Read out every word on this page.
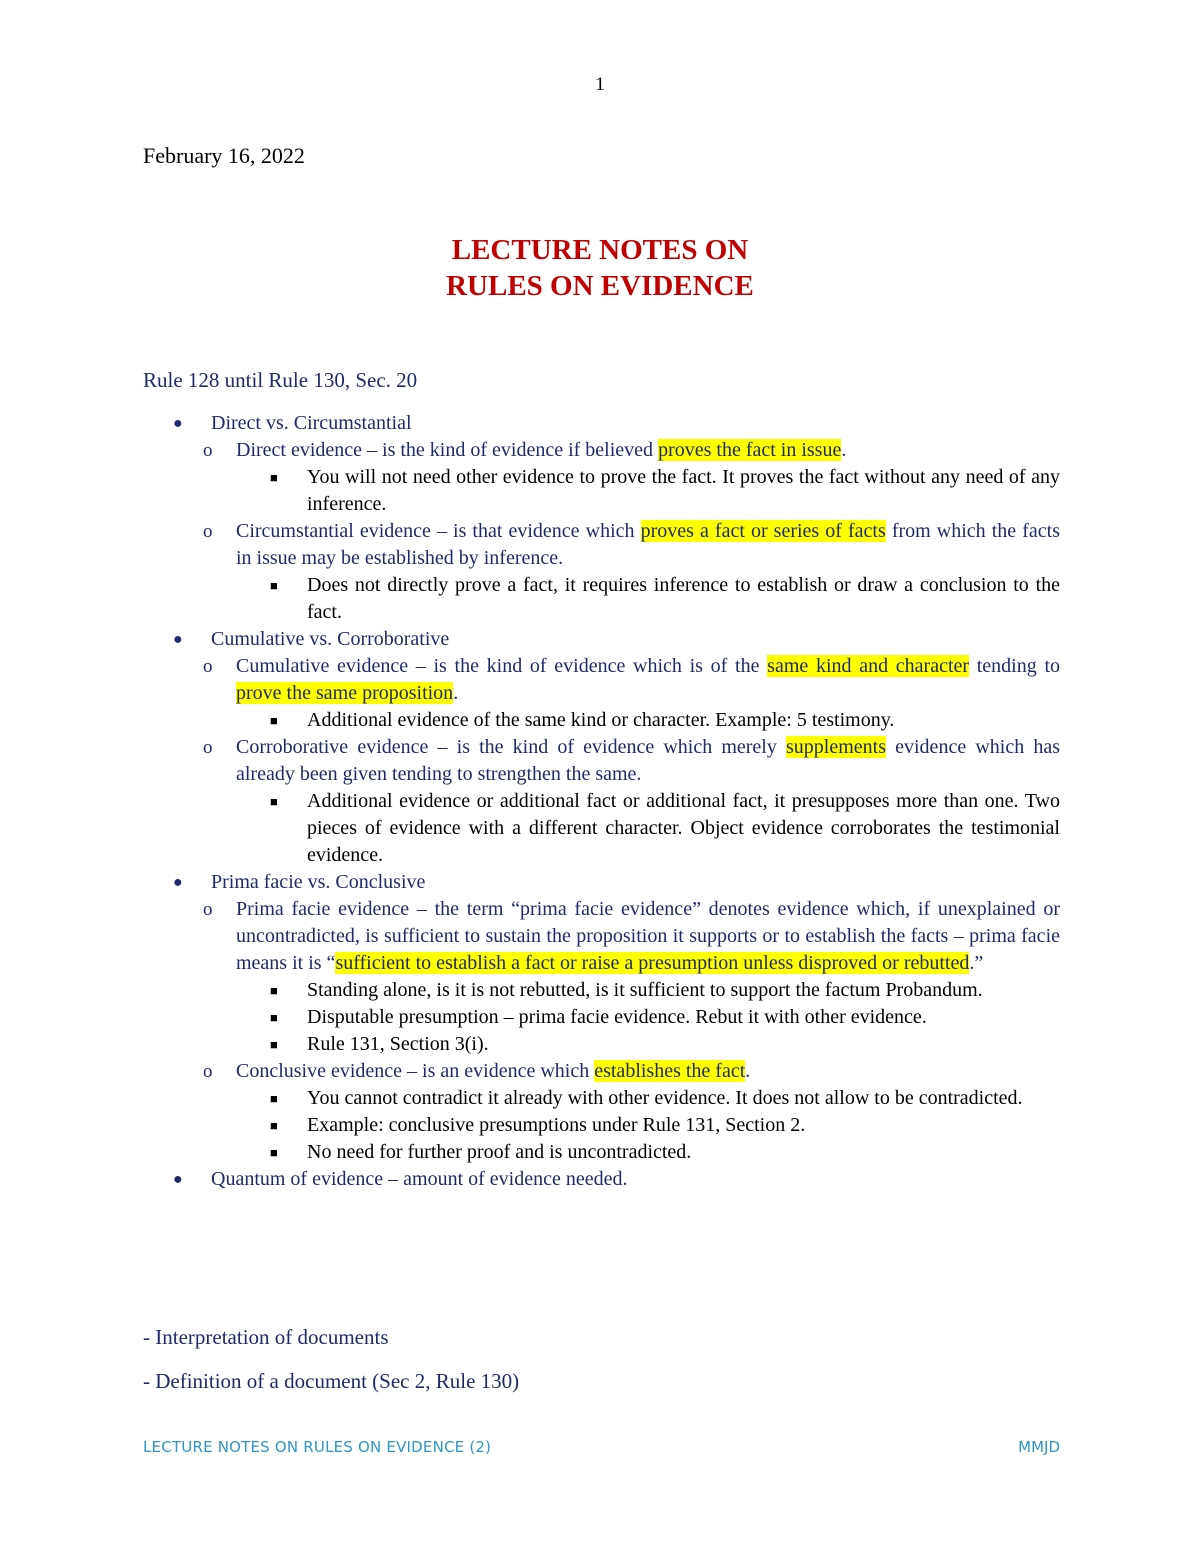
1
February 16, 2022
LECTURE NOTES ON
RULES ON EVIDENCE
Rule 128 until Rule 130, Sec. 20
● Direct vs. Circumstantial
o Direct evidence – is the kind of evidence if believed proves the fact in issue.
■ You will not need other evidence to prove the fact. It proves the fact without any need of any inference.
o Circumstantial evidence – is that evidence which proves a fact or series of facts from which the facts in issue may be established by inference.
■ Does not directly prove a fact, it requires inference to establish or draw a conclusion to the fact.
● Cumulative vs. Corroborative
o Cumulative evidence – is the kind of evidence which is of the same kind and character tending to prove the same proposition.
■ Additional evidence of the same kind or character. Example: 5 testimony.
o Corroborative evidence – is the kind of evidence which merely supplements evidence which has already been given tending to strengthen the same.
■ Additional evidence or additional fact or additional fact, it presupposes more than one. Two pieces of evidence with a different character. Object evidence corroborates the testimonial evidence.
● Prima facie vs. Conclusive
o Prima facie evidence – the term “prima facie evidence” denotes evidence which, if unexplained or uncontradicted, is sufficient to sustain the proposition it supports or to establish the facts – prima facie means it is “sufficient to establish a fact or raise a presumption unless disproved or rebutted.”
■ Standing alone, is it is not rebutted, is it sufficient to support the factum Probandum.
■ Disputable presumption – prima facie evidence. Rebut it with other evidence.
■ Rule 131, Section 3(i).
o Conclusive evidence – is an evidence which establishes the fact.
■ You cannot contradict it already with other evidence. It does not allow to be contradicted.
■ Example: conclusive presumptions under Rule 131, Section 2.
■ No need for further proof and is uncontradicted.
● Quantum of evidence – amount of evidence needed.
- Interpretation of documents
- Definition of a document (Sec 2, Rule 130)
LECTURE NOTES ON RULES ON EVIDENCE (2)	MMJD
